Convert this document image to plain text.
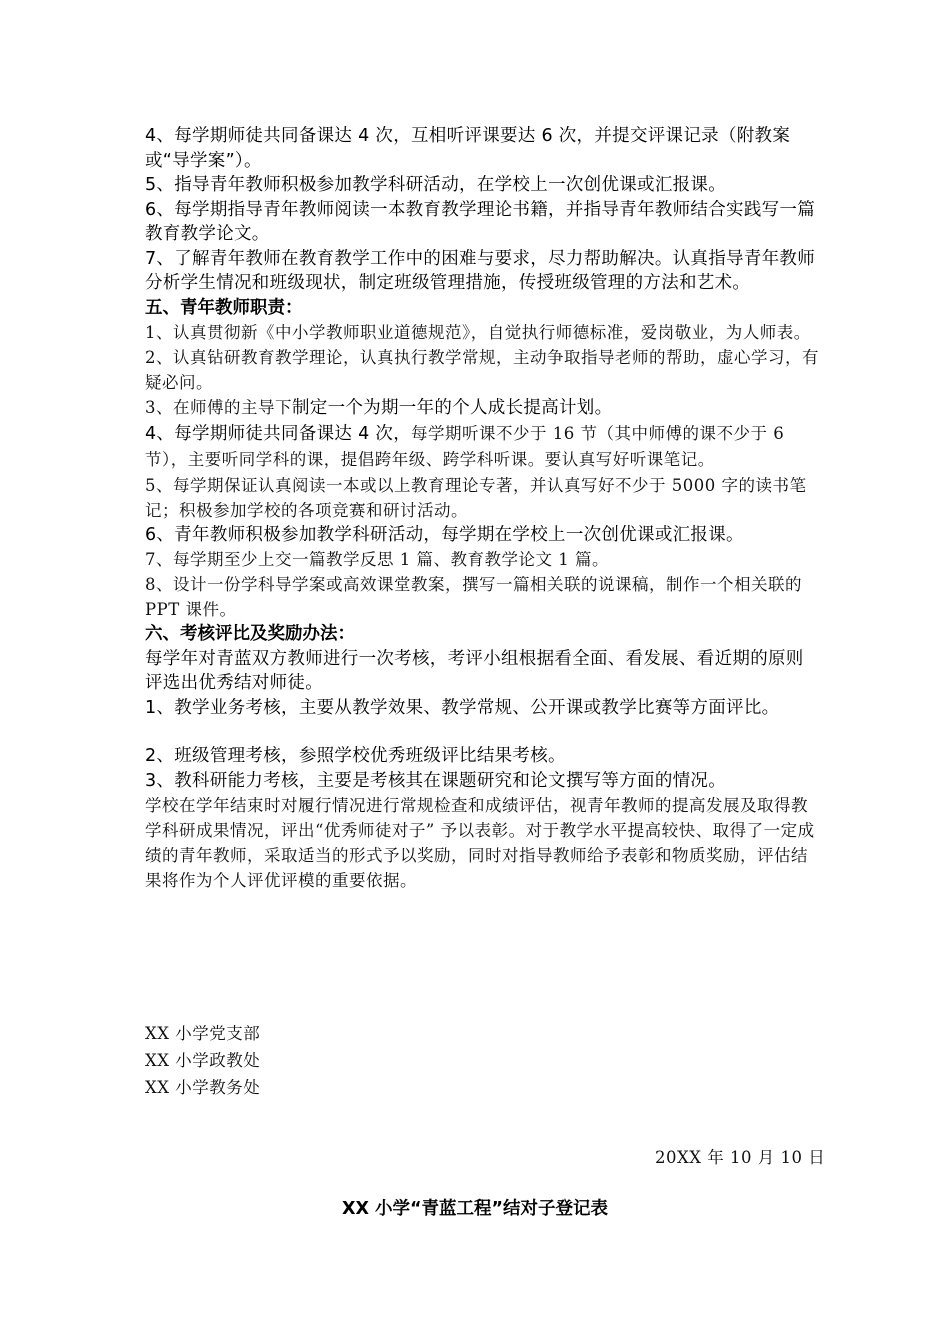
4、每学期师徒共同备课达 4 次，互相听评课要达 6 次，并提交评课记录（附教案或“导学案”）。

5、指导青年教师积极参加教学科研活动，在学校上一次创优课或汇报课。

6、每学期指导青年教师阅读一本教育教学理论书籍，并指导青年教师结合实践写一篇教育教学论文。

7、了解青年教师在教育教学工作中的困难与要求，尽力帮助解决。认真指导青年教师分析学生情况和班级现状，制定班级管理措施，传授班级管理的方法和艺术。

五、青年教师职责：

1、认真贯彻新《中小学教师职业道德规范》，自觉执行师德标准，爱岗敬业，为人师表。

2、认真钻研教育教学理论，认真执行教学常规，主动争取指导老师的帮助，虚心学习，有疑必问。

3、在师傅的主导下制定一个为期一年的个人成长提高计划。

4、每学期师徒共同备课达 4 次，每学期听课不少于 16 节（其中师傅的课不少于 6 节），主要听同学科的课，提倡跨年级、跨学科听课。要认真写好听课笔记。

5、每学期保证认真阅读一本或以上教育理论专著，并认真写好不少于 5000 字的读书笔记；积极参加学校的各项竞赛和研讨活动。

6、青年教师积极参加教学科研活动，每学期在学校上一次创优课或汇报课。

7、每学期至少上交一篇教学反思 1 篇、教育教学论文 1 篇。

8、设计一份学科导学案或高效课堂教案，撰写一篇相关联的说课稿，制作一个相关联的 PPT 课件。

六、考核评比及奖励办法：

每学年对青蓝双方教师进行一次考核，考评小组根据看全面、看发展、看近期的原则评选出优秀结对师徒。

1、教学业务考核，主要从教学效果、教学常规、公开课或教学比赛等方面评比。

2、班级管理考核，参照学校优秀班级评比结果考核。

3、教科研能力考核，主要是考核其在课题研究和论文撰写等方面的情况。

学校在学年结束时对履行情况进行常规检查和成绩评估，视青年教师的提高发展及取得教学科研成果情况，评出“优秀师徒对子” 予以表彰。对于教学水平提高较快、取得了一定成绩的青年教师，采取适当的形式予以奖励，同时对指导教师给予表彰和物质奖励，评估结果将作为个人评优评模的重要依据。

XX 小学党支部

XX 小学政教处

XX 小学教务处

20XX 年 10 月 10 日
XX 小学“青蓝工程”结对子登记表
